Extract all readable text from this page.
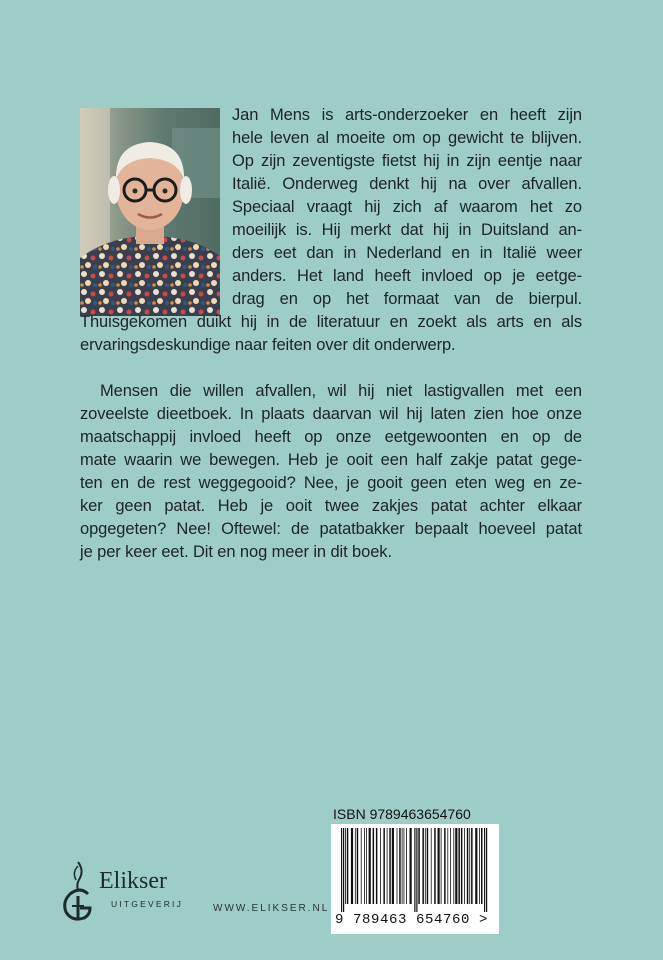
Jan Mens is arts-onderzoeker en heeft zijn
hele leven al moeite om op gewicht te blijven.
Op zijn zeventigste fietst hij in zijn eentje naar
Italië. Onderweg denkt hij na over afvallen.
Speciaal vraagt hij zich af waarom het zo
moeilijk is. Hij merkt dat hij in Duitsland an-
ders eet dan in Nederland en in Italië weer
anders. Het land heeft invloed op je eetge-
drag en op het formaat van de bierpul.
Thuisgekomen duikt hij in de literatuur en zoekt als arts en als
ervaringsdeskundige naar feiten over dit onderwerp.
Mensen die willen afvallen, wil hij niet lastigvallen met een
zoveelste dieetboek. In plaats daarvan wil hij laten zien hoe onze
maatschappij invloed heeft op onze eetgewoonten en op de
mate waarin we bewegen. Heb je ooit een half zakje patat gege-
ten en de rest weggegooid? Nee, je gooit geen eten weg en ze-
ker geen patat. Heb je ooit twee zakjes patat achter elkaar
opgegeten? Nee! Oftewel: de patatbakker bepaalt hoeveel patat
je per keer eet. Dit en nog meer in dit boek.
ISBN 9789463654760
9 789463 654760 >
Elikser
UITGEVERIJ	WWW.ELIKSER.NL
